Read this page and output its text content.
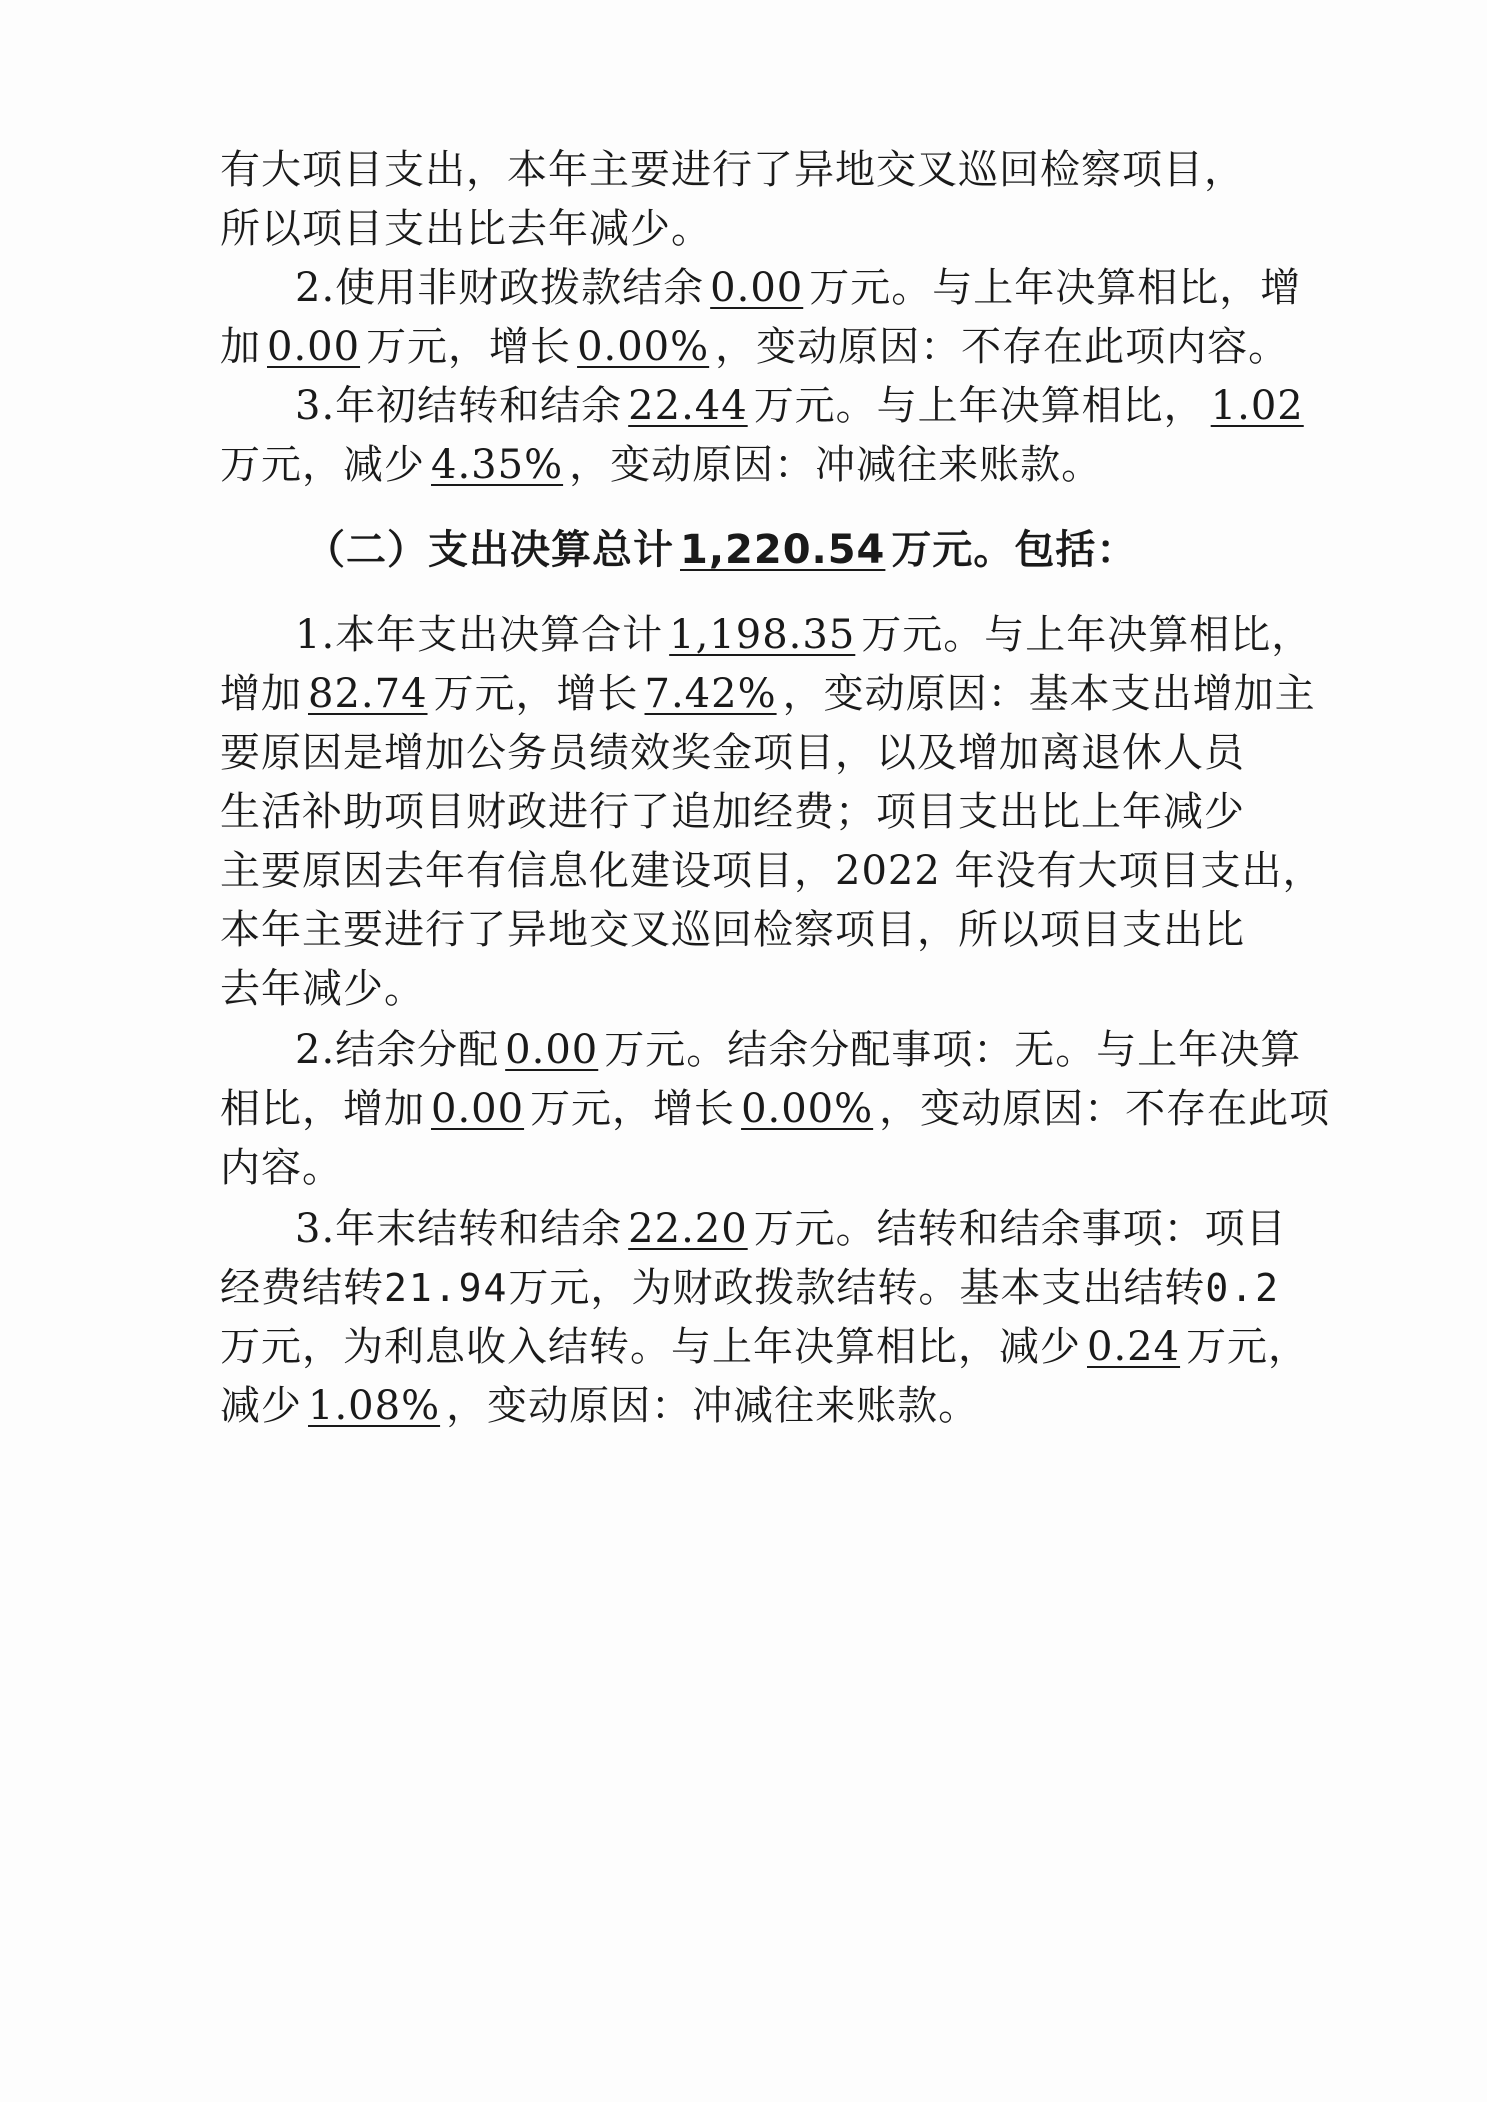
有大项目支出，本年主要进行了异地交叉巡回检察项目，
所以项目支出比去年减少。
2.使用非财政拨款结余 0.00 万元。与上年决算相比，增
加 0.00 万元，增长 0.00% ，变动原因：不存在此项内容。
3.年初结转和结余 22.44 万元。与上年决算相比， 1.02
万元，减少 4.35% ，变动原因：冲减往来账款。
（二）支出决算总计 1,220.54 万元。包括：
1.本年支出决算合计 1,198.35 万元。与上年决算相比，
增加 82.74 万元，增长 7.42% ，变动原因：基本支出增加主
要原因是增加公务员绩效奖金项目，以及增加离退休人员
生活补助项目财政进行了追加经费；项目支出比上年减少
主要原因去年有信息化建设项目，2022 年没有大项目支出，
本年主要进行了异地交叉巡回检察项目，所以项目支出比
去年减少。
2.结余分配 0.00 万元。结余分配事项：无。与上年决算
相比，增加 0.00 万元，增长 0.00% ，变动原因：不存在此项
内容。
3.年末结转和结余 22.20 万元。结转和结余事项：项目
经费结转21.94万元，为财政拨款结转。基本支出结转0.2
万元，为利息收入结转。与上年决算相比，减少 0.24 万元，
减少 1.08% ，变动原因：冲减往来账款。
